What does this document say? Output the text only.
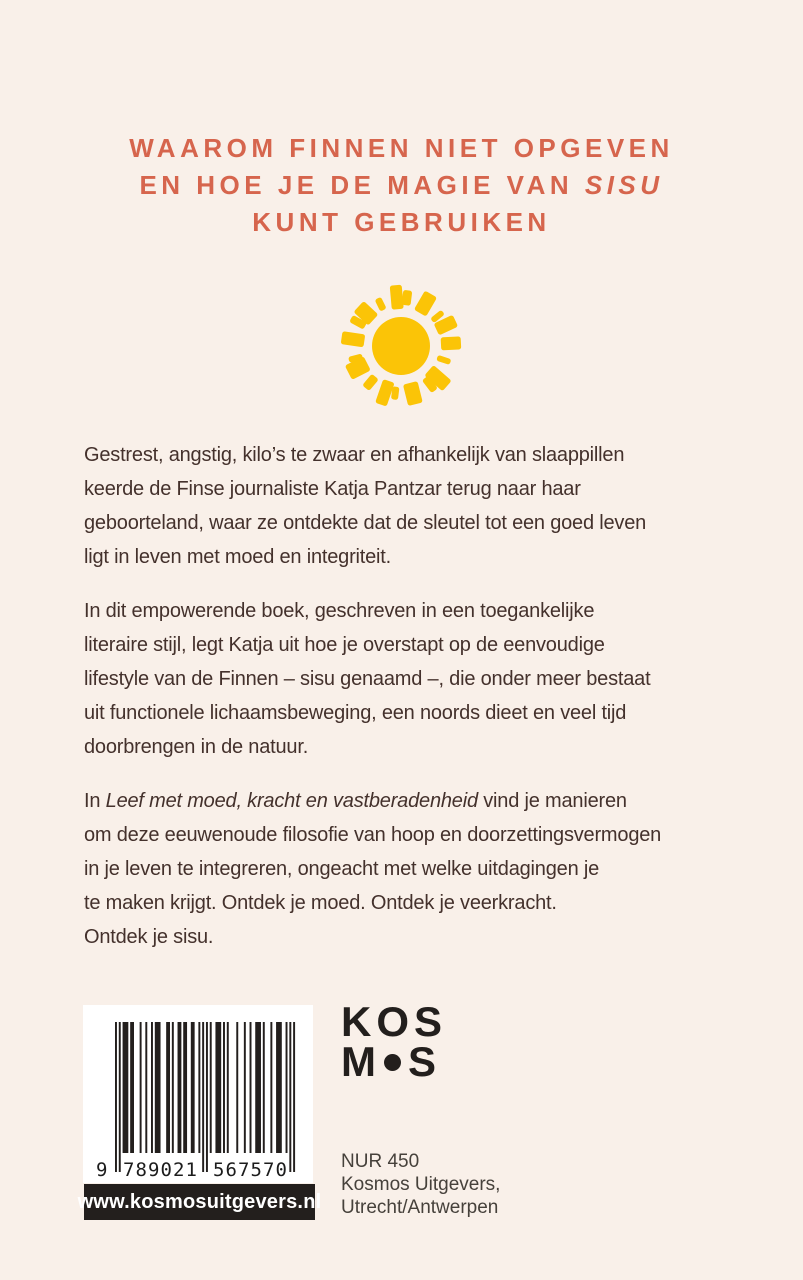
WAAROM FINNEN NIET OPGEVEN
EN HOE JE DE MAGIE VAN SISU
KUNT GEBRUIKEN

Gestrest, angstig, kilo’s te zwaar en afhankelijk van slaappillen
keerde de Finse journaliste Katja Pantzar terug naar haar
geboorteland, waar ze ontdekte dat de sleutel tot een goed leven
ligt in leven met moed en integriteit.

In dit empowerende boek, geschreven in een toegankelijke
literaire stijl, legt Katja uit hoe je overstapt op de eenvoudige
lifestyle van de Finnen – sisu genaamd –, die onder meer bestaat
uit functionele lichaamsbeweging, een noords dieet en veel tijd
doorbrengen in de natuur.

In Leef met moed, kracht en vastberadenheid vind je manieren
om deze eeuwenoude filosofie van hoop en doorzettingsvermogen
in je leven te integreren, ongeacht met welke uitdagingen je
te maken krijgt. Ontdek je moed. Ontdek je veerkracht.
Ontdek je sisu.

9 789021 567570
www.kosmosuitgevers.nl
KOS
M S
NUR 450
Kosmos Uitgevers,
Utrecht/Antwerpen
